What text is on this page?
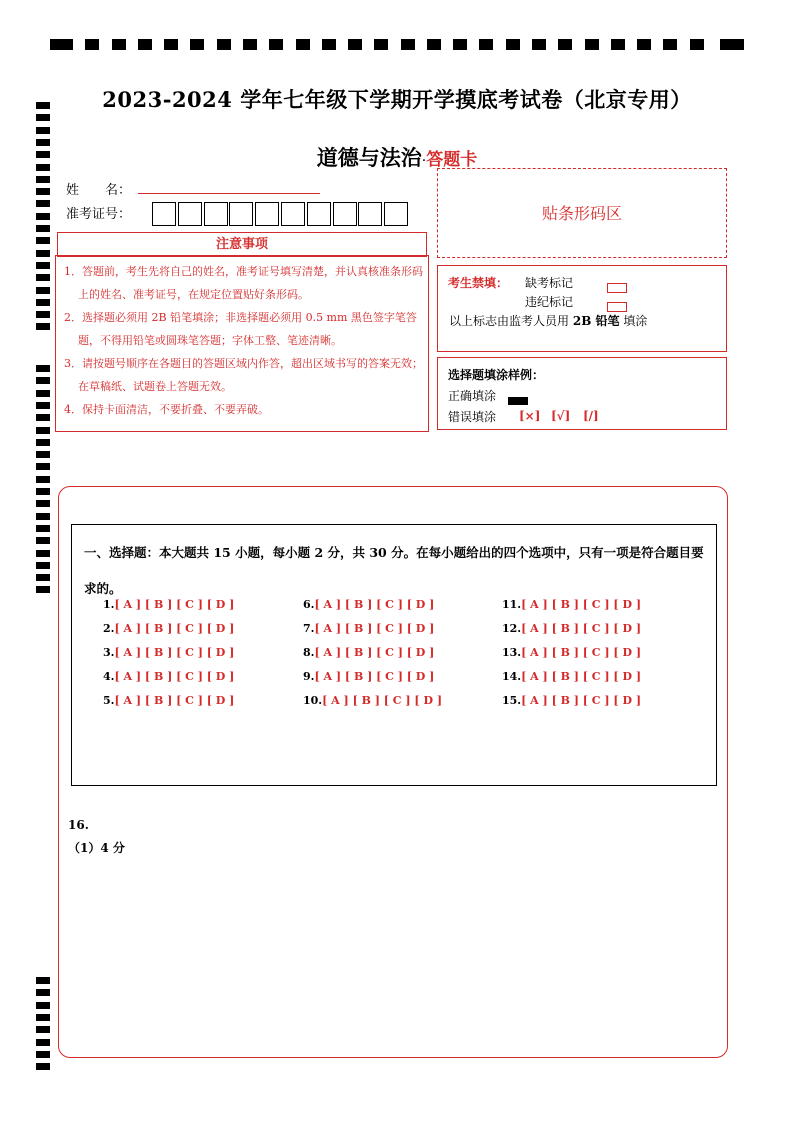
2023-2024 学年七年级下学期开学摸底考试卷（北京专用）
道德与法治·答题卡
姓　　名：
准考证号：
注意事项
1．答题前，考生先将自己的姓名，准考证号填写清楚，并认真核准条形码上的姓名、准考证号，在规定位置贴好条形码。
2．选择题必须用 2B 铅笔填涂；非选择题必须用 0.5 mm 黑色签字笔答题，不得用铅笔或圆珠笔答题；字体工整、笔迹清晰。
3．请按题号顺序在各题目的答题区域内作答，超出区域书写的答案无效；在草稿纸、试题卷上答题无效。
4．保持卡面清洁，不要折叠、不要弄破。
贴条形码区
考生禁填： 缺考标记
违纪标记
以上标志由监考人员用 2B 铅笔 填涂
选择题填涂样例：
正确填涂
错误填涂 [×] [√] [/]
一、选择题：本大题共 15 小题，每小题 2 分，共 30 分。在每小题给出的四个选项中，只有一项是符合题目要求的。
1.[ A ] [ B ] [ C ] [ D ]
2.[ A ] [ B ] [ C ] [ D ]
3.[ A ] [ B ] [ C ] [ D ]
4.[ A ] [ B ] [ C ] [ D ]
5.[ A ] [ B ] [ C ] [ D ]
6.[ A ] [ B ] [ C ] [ D ]
7.[ A ] [ B ] [ C ] [ D ]
8.[ A ] [ B ] [ C ] [ D ]
9.[ A ] [ B ] [ C ] [ D ]
10.[ A ] [ B ] [ C ] [ D ]
11.[ A ] [ B ] [ C ] [ D ]
12.[ A ] [ B ] [ C ] [ D ]
13.[ A ] [ B ] [ C ] [ D ]
14.[ A ] [ B ] [ C ] [ D ]
15.[ A ] [ B ] [ C ] [ D ]
16.
（1）4 分
